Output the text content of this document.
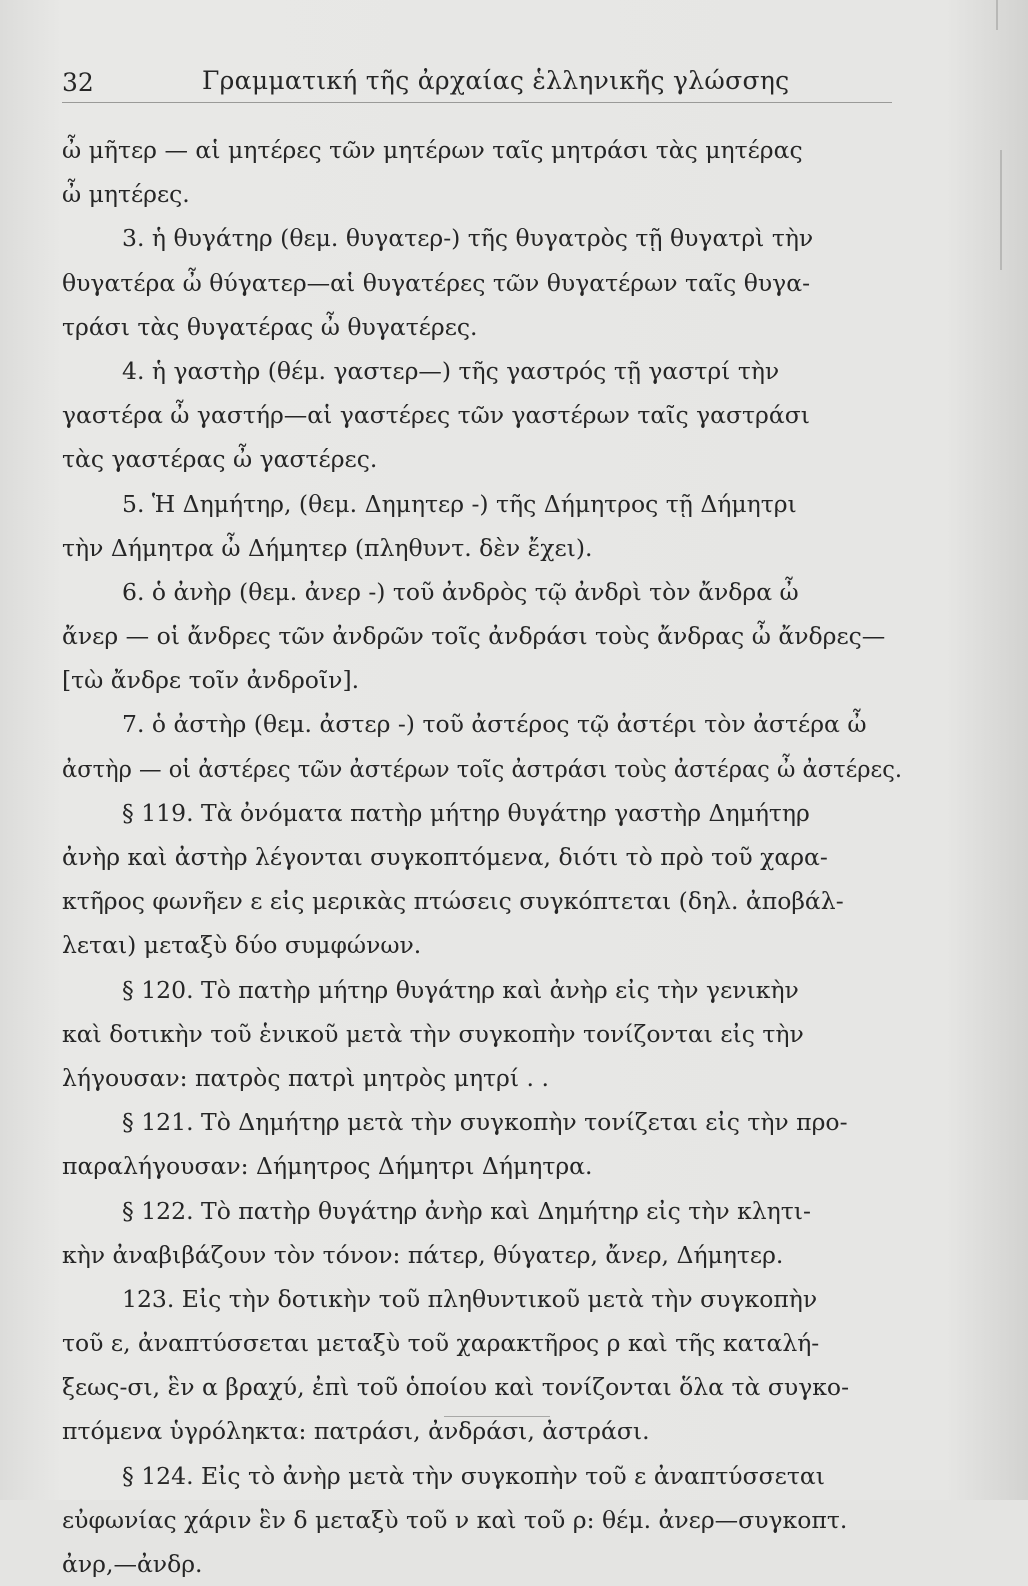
32	Γραμματική τῆς ἀρχαίας ἑλληνικῆς γλώσσης
ὦ μῆτερ — αἱ μητέρες τῶν μητέρων ταῖς μητράσι τὰς μητέρας
ὦ μητέρες.
3. ἡ θυγάτηρ (θεμ. θυγατερ-) τῆς θυγατρὸς τῇ θυγατρὶ τὴν
θυγατέρα ὦ θύγατερ—αἱ θυγατέρες τῶν θυγατέρων ταῖς θυγα-
τράσι τὰς θυγατέρας ὦ θυγατέρες.
4. ἡ γαστὴρ (θέμ. γαστερ—) τῆς γαστρός τῇ γαστρί τὴν
γαστέρα ὦ γαστήρ—αἱ γαστέρες τῶν γαστέρων ταῖς γαστράσι
τὰς γαστέρας ὦ γαστέρες.
5. Ἡ Δημήτηρ, (θεμ. Δημητερ -) τῆς Δήμητρος τῇ Δήμητρι
τὴν Δήμητρα ὦ Δήμητερ (πληθυντ. δὲν ἔχει).
6. ὁ ἀνὴρ (θεμ. ἀνερ -) τοῦ ἀνδρὸς τῷ ἀνδρὶ τὸν ἄνδρα ὦ
ἄνερ — οἱ ἄνδρες τῶν ἀνδρῶν τοῖς ἀνδράσι τοὺς ἄνδρας ὦ ἄνδρες—
[τὼ ἄνδρε τοῖν ἀνδροῖν].
7. ὁ ἀστὴρ (θεμ. ἀστερ -) τοῦ ἀστέρος τῷ ἀστέρι τὸν ἀστέρα ὦ
ἀστὴρ — οἱ ἀστέρες τῶν ἀστέρων τοῖς ἀστράσι τοὺς ἀστέρας ὦ ἀστέρες.
§ 119. Τὰ ὀνόματα πατὴρ μήτηρ θυγάτηρ γαστὴρ Δημήτηρ
ἀνὴρ καὶ ἀστὴρ λέγονται συγκοπτόμενα, διότι τὸ πρὸ τοῦ χαρα-
κτῆρος φωνῆεν ε εἰς μερικὰς πτώσεις συγκόπτεται (δηλ. ἀποβάλ-
λεται) μεταξὺ δύο συμφώνων.
§ 120. Τὸ πατὴρ μήτηρ θυγάτηρ καὶ ἀνὴρ εἰς τὴν γενικὴν
καὶ δοτικὴν τοῦ ἑνικοῦ μετὰ τὴν συγκοπὴν τονίζονται εἰς τὴν
λήγουσαν: πατρὸς πατρὶ μητρὸς μητρί . .
§ 121. Τὸ Δημήτηρ μετὰ τὴν συγκοπὴν τονίζεται εἰς τὴν προ-
παραλήγουσαν: Δήμητρος Δήμητρι Δήμητρα.
§ 122. Τὸ πατὴρ θυγάτηρ ἀνὴρ καὶ Δημήτηρ εἰς τὴν κλητι-
κὴν ἀναβιβάζουν τὸν τόνον: πάτερ, θύγατερ, ἄνερ, Δήμητερ.
123. Εἰς τὴν δοτικὴν τοῦ πληθυντικοῦ μετὰ τὴν συγκοπὴν
τοῦ ε, ἀναπτύσσεται μεταξὺ τοῦ χαρακτῆρος ρ καὶ τῆς καταλή-
ξεως-σι, ἓν α βραχύ, ἐπὶ τοῦ ὁποίου καὶ τονίζονται ὅλα τὰ συγκο-
πτόμενα ὑγρόληκτα: πατράσι, ἀνδράσι, ἀστράσι.
§ 124. Εἰς τὸ ἀνὴρ μετὰ τὴν συγκοπὴν τοῦ ε ἀναπτύσσεται
εὐφωνίας χάριν ἓν δ μεταξὺ τοῦ ν καὶ τοῦ ρ: θέμ. ἀνερ—συγκοπτ.
ἀνρ,—ἀνδρ.
